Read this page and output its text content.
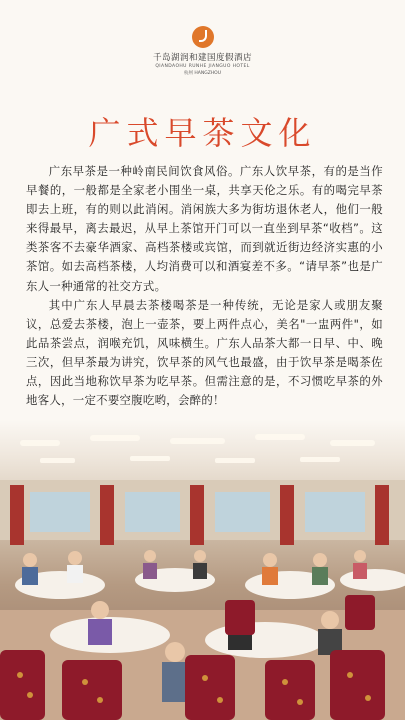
千岛湖润和建国度假酒店
QIANDAOHU RUNHE JIANGUO HOTEL
杭州 HANGZHOU
广式早茶文化

广东早茶是一种岭南民间饮食风俗。广东人饮早茶，有的是当作早餐的，一般都是全家老小围坐一桌，共享天伦之乐。有的喝完早茶即去上班，有的则以此消闲。消闲族大多为街坊退休老人，他们一般来得最早，离去最迟，从早上茶馆开门可以一直坐到早茶“收档”。这类茶客不去豪华酒家、高档茶楼或宾馆，而到就近街边经济实惠的小茶馆。如去高档茶楼，人均消费可以和酒宴差不多。“请早茶”也是广东人一种通常的社交方式。

其中广东人早晨去茶楼喝茶是一种传统，无论是家人或朋友聚议，总爱去茶楼，泡上一壶茶，要上两件点心，美名"一盅两件"，如此品茶尝点，润喉充饥，风味横生。广东人品茶大都一日早、中、晚三次，但早茶最为讲究，饮早茶的风气也最盛，由于饮早茶是喝茶佐点，因此当地称饮早茶为吃早茶。但需注意的是，不习惯吃早茶的外地客人，一定不要空腹吃哟，会醉的！
